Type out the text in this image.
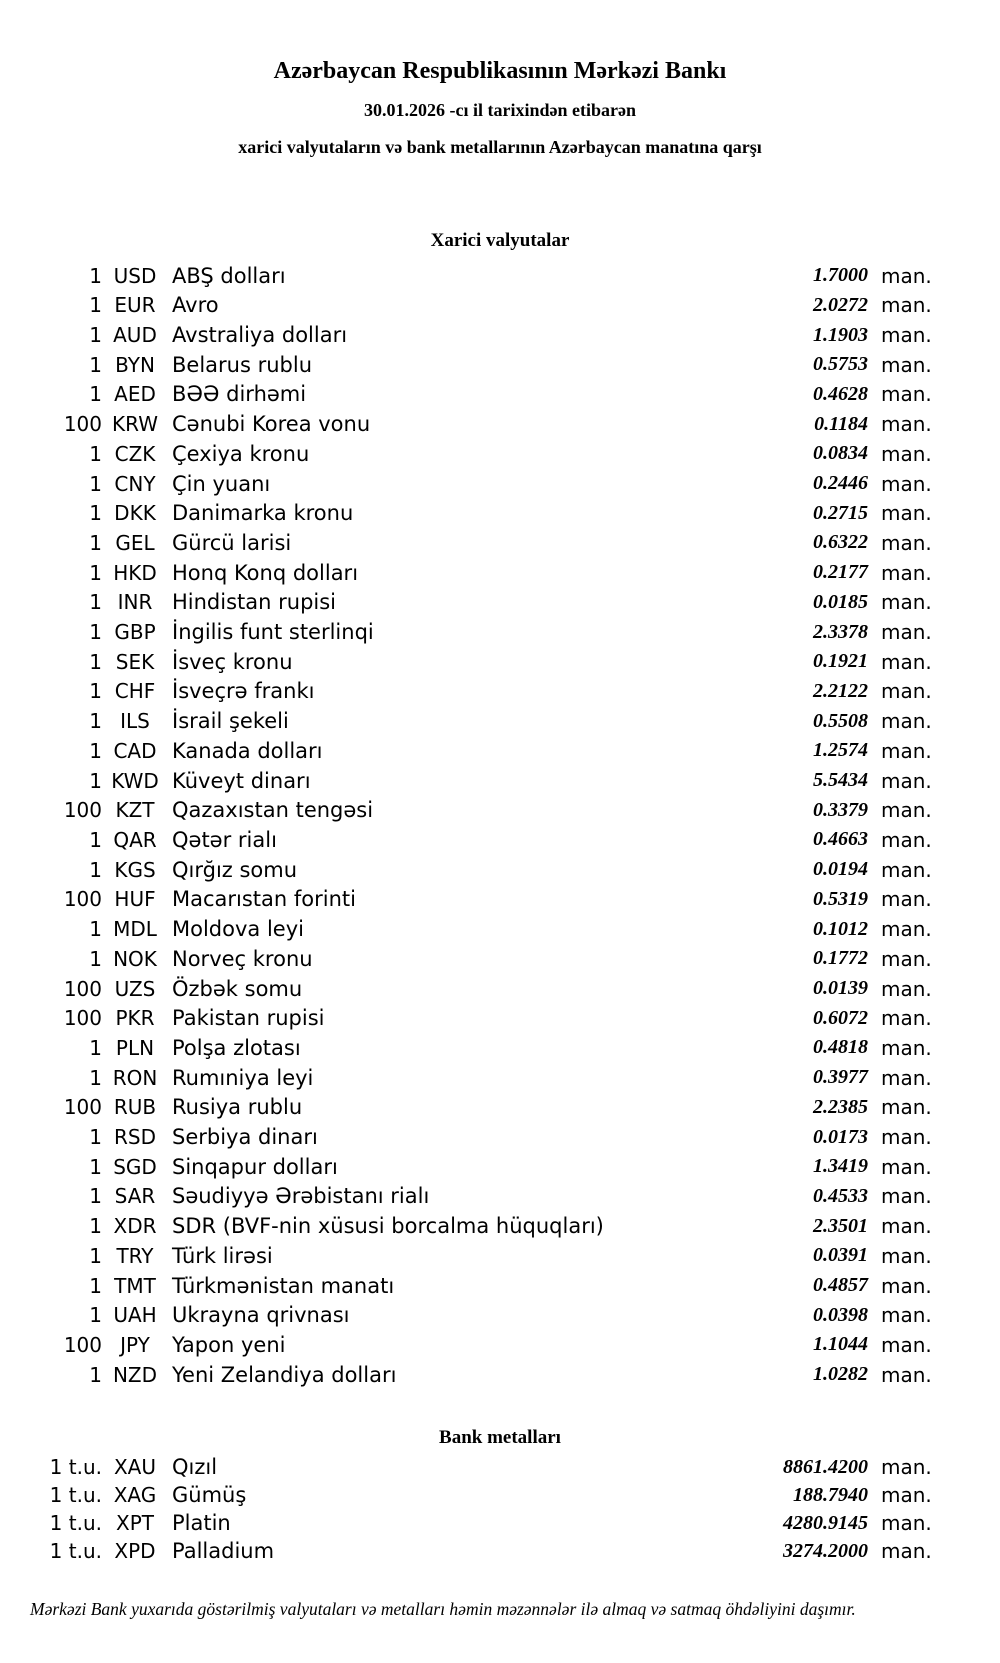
Azərbaycan Respublikasının Mərkəzi Bankı
30.01.2026 -cı il tarixindən etibarən
xarici valyutaların və bank metallarının Azərbaycan manatına qarşı
Xarici valyutalar
1 USD ABŞ dolları	1.7000 man.
1 EUR Avro	2.0272 man.
1 AUD Avstraliya dolları	1.1903 man.
1 BYN Belarus rublu	0.5753 man.
1 AED BƏƏ dirhəmi	0.4628 man.
100 KRW Cənubi Korea vonu	0.1184 man.
1 CZK Çexiya kronu	0.0834 man.
1 CNY Çin yuanı	0.2446 man.
1 DKK Danimarka kronu	0.2715 man.
1 GEL Gürcü larisi	0.6322 man.
1 HKD Honq Konq dolları	0.2177 man.
1 INR Hindistan rupisi	0.0185 man.
1 GBP İngilis funt sterlinqi	2.3378 man.
1 SEK İsveç kronu	0.1921 man.
1 CHF İsveçrə frankı	2.2122 man.
1 ILS	İsrail şekeli	0.5508 man.
1 CAD Kanada dolları	1.2574 man.
1 KWD Küveyt dinarı	5.5434 man.
100 KZT Qazaxıstan tengəsi	0.3379 man.
1 QAR Qətər rialı	0.4663 man.
1 KGS Qırğız somu	0.0194 man.
100 HUF Macarıstan forinti	0.5319 man.
1 MDL Moldova leyi	0.1012 man.
1 NOK Norveç kronu	0.1772 man.
100 UZS Özbək somu	0.0139 man.
100 PKR Pakistan rupisi	0.6072 man.
1 PLN Polşa zlotası	0.4818 man.
1 RON Rumıniya leyi	0.3977 man.
100 RUB Rusiya rublu	2.2385 man.
1 RSD Serbiya dinarı	0.0173 man.
1 SGD Sinqapur dolları	1.3419 man.
1 SAR Səudiyyə Ərəbistanı rialı	0.4533 man.
1 XDR SDR (BVF-nin xüsusi borcalma hüquqları)	2.3501 man.
1 TRY Türk lirəsi	0.0391 man.
1 TMT Türkmənistan manatı	0.4857 man.
1 UAH Ukrayna qrivnası	0.0398 man.
100 JPY	Yapon yeni	1.1044 man.
1 NZD Yeni Zelandiya dolları	1.0282 man.
Bank metalları
1 t.u. XAU Qızıl	8861.4200 man.
1 t.u. XAG Gümüş	188.7940 man.
1 t.u. XPT Platin	4280.9145 man.
1 t.u. XPD Palladium	3274.2000 man.
Mərkəzi Bank yuxarıda göstərilmiş valyutaları və metalları həmin məzənnələr ilə almaq və satmaq öhdəliyini daşımır.
